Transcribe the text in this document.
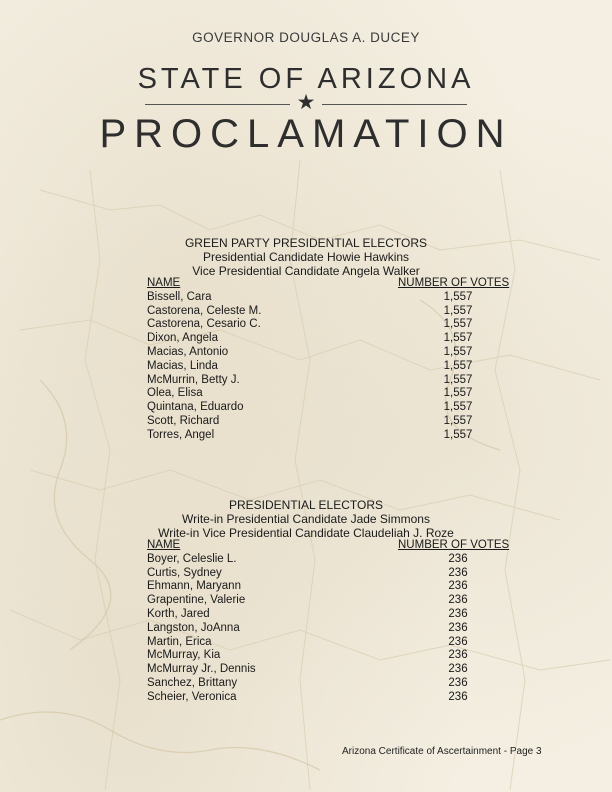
GOVERNOR DOUGLAS A. DUCEY
STATE OF ARIZONA
★
PROCLAMATION
GREEN PARTY PRESIDENTIAL ELECTORS
Presidential Candidate Howie Hawkins
Vice Presidential Candidate Angela Walker
NAME	NUMBER OF VOTES
Bissell, Cara	1,557
Castorena, Celeste M.	1,557
Castorena, Cesario C.	1,557
Dixon, Angela	1,557
Macias, Antonio	1,557
Macias, Linda	1,557
McMurrin, Betty J.	1,557
Olea, Elisa	1,557
Quintana, Eduardo	1,557
Scott, Richard	1,557
Torres, Angel	1,557
PRESIDENTIAL ELECTORS
Write-in Presidential Candidate Jade Simmons
Write-in Vice Presidential Candidate Claudeliah J. Roze
NAME	NUMBER OF VOTES
Boyer, Celeslie L.	236
Curtis, Sydney	236
Ehmann, Maryann	236
Grapentine, Valerie	236
Korth, Jared	236
Langston, JoAnna	236
Martin, Erica	236
McMurray, Kia	236
McMurray Jr., Dennis	236
Sanchez, Brittany	236
Scheier, Veronica	236
Arizona Certificate of Ascertainment - Page 3
